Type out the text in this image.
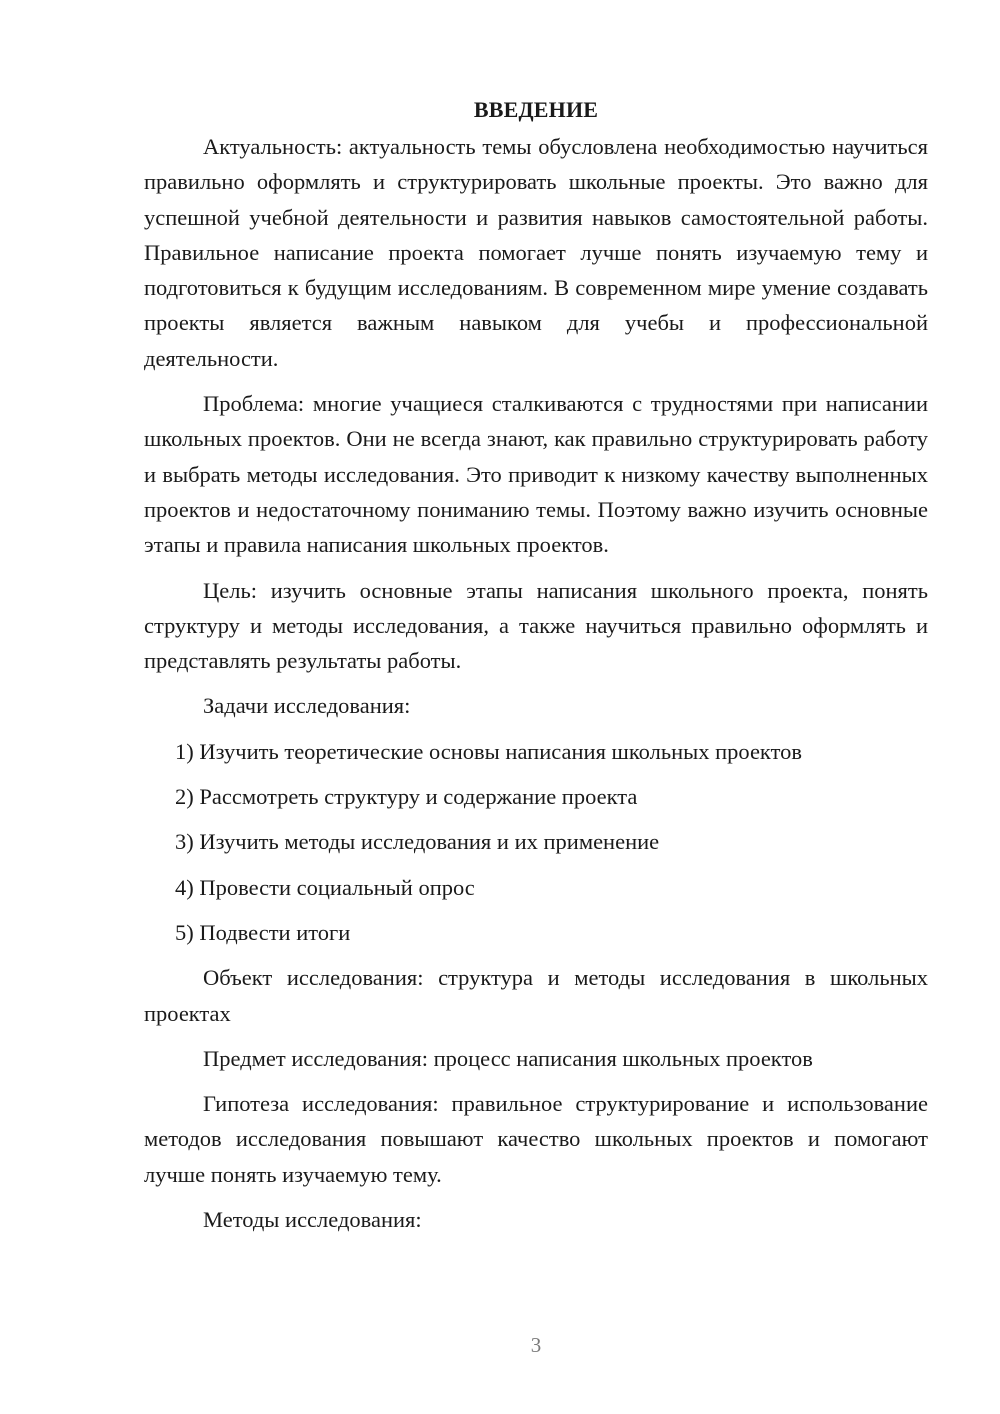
ВВЕДЕНИЕ

Актуальность: актуальность темы обусловлена необходимостью научиться правильно оформлять и структурировать школьные проекты. Это важно для успешной учебной деятельности и развития навыков самостоятельной работы. Правильное написание проекта помогает лучше понять изучаемую тему и подготовиться к будущим исследованиям. В современном мире умение создавать проекты является важным навыком для учебы и профессиональной деятельности.

Проблема: многие учащиеся сталкиваются с трудностями при написании школьных проектов. Они не всегда знают, как правильно структурировать работу и выбрать методы исследования. Это приводит к низкому качеству выполненных проектов и недостаточному пониманию темы. Поэтому важно изучить основные этапы и правила написания школьных проектов.

Цель: изучить основные этапы написания школьного проекта, понять структуру и методы исследования, а также научиться правильно оформлять и представлять результаты работы.

Задачи исследования:

1) Изучить теоретические основы написания школьных проектов
2) Рассмотреть структуру и содержание проекта
3) Изучить методы исследования и их применение
4) Провести социальный опрос
5) Подвести итоги

Объект исследования: структура и методы исследования в школьных проектах

Предмет исследования: процесс написания школьных проектов

Гипотеза исследования: правильное структурирование и использование методов исследования повышают качество школьных проектов и помогают лучше понять изучаемую тему.

Методы исследования:

3
